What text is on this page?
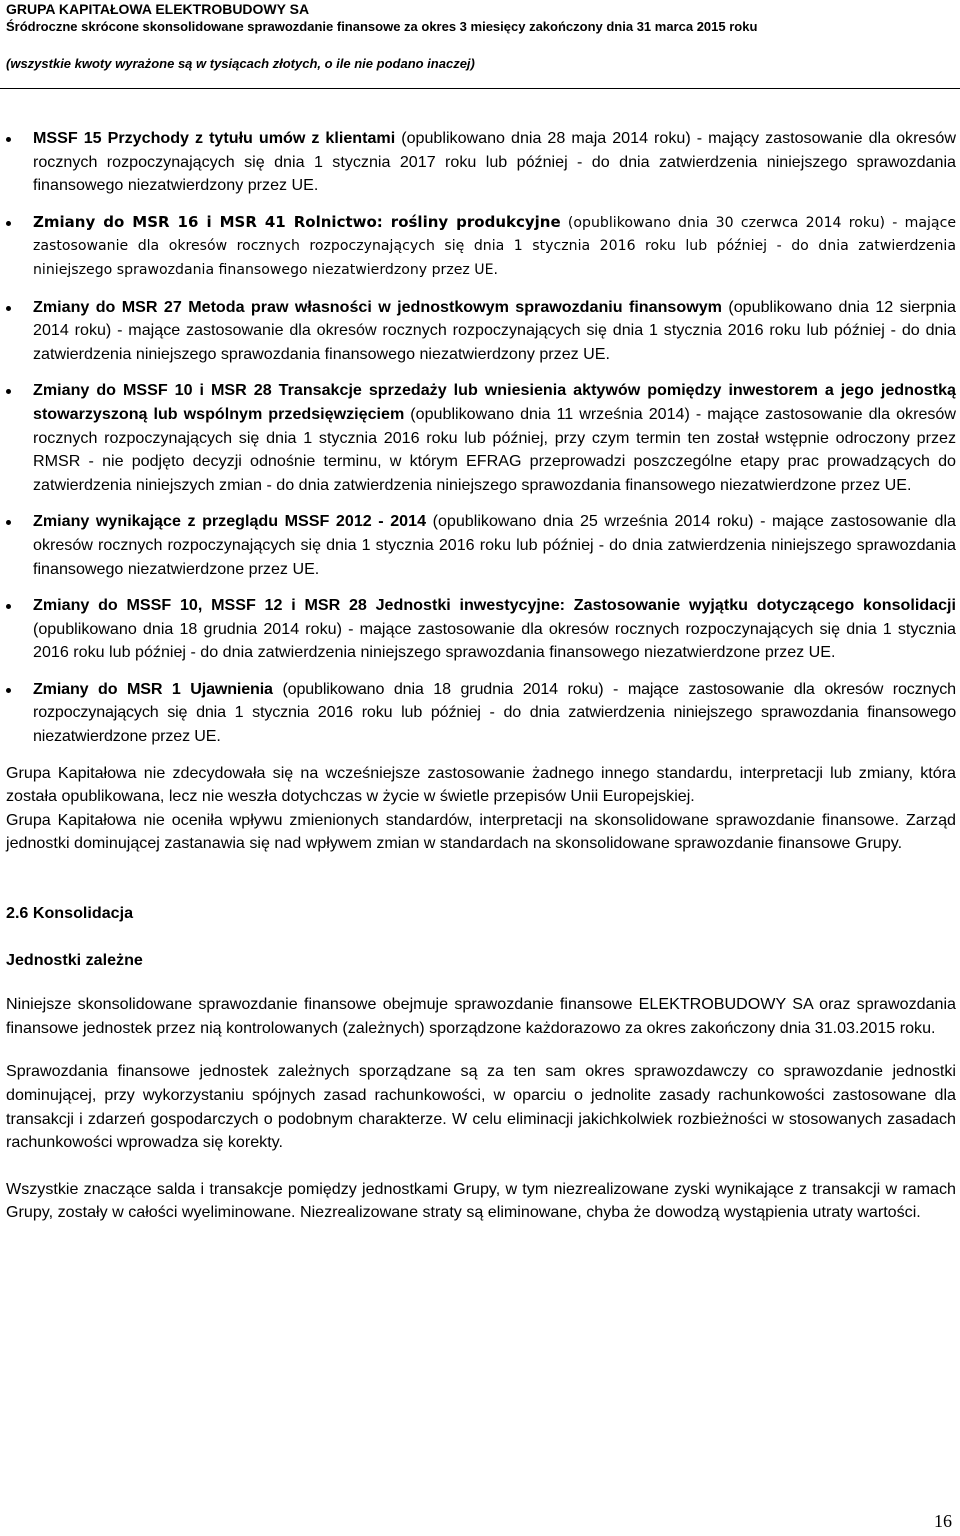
GRUPA KAPITAŁOWA ELEKTROBUDOWY SA
Śródroczne skrócone skonsolidowane sprawozdanie finansowe za okres 3 miesięcy zakończony dnia 31 marca 2015 roku
(wszystkie kwoty wyrażone są w tysiącach złotych, o ile nie podano inaczej)
MSSF 15 Przychody z tytułu umów z klientami (opublikowano dnia 28 maja 2014 roku) - mający zastosowanie dla okresów rocznych rozpoczynających się dnia 1 stycznia 2017 roku lub później - do dnia zatwierdzenia niniejszego sprawozdania finansowego niezatwierdzony przez UE.
Zmiany do MSR 16 i MSR 41 Rolnictwo: rośliny produkcyjne (opublikowano dnia 30 czerwca 2014 roku) - mające zastosowanie dla okresów rocznych rozpoczynających się dnia 1 stycznia 2016 roku lub później - do dnia zatwierdzenia niniejszego sprawozdania finansowego niezatwierdzony przez UE.
Zmiany do MSR 27 Metoda praw własności w jednostkowym sprawozdaniu finansowym (opublikowano dnia 12 sierpnia 2014 roku) - mające zastosowanie dla okresów rocznych rozpoczynających się dnia 1 stycznia 2016 roku lub później - do dnia zatwierdzenia niniejszego sprawozdania finansowego niezatwierdzony przez UE.
Zmiany do MSSF 10 i MSR 28 Transakcje sprzedaży lub wniesienia aktywów pomiędzy inwestorem a jego jednostką stowarzyszoną lub wspólnym przedsięwzięciem (opublikowano dnia 11 września 2014) - mające zastosowanie dla okresów rocznych rozpoczynających się dnia 1 stycznia 2016 roku lub później, przy czym termin ten został wstępnie odroczony przez RMSR - nie podjęto decyzji odnośnie terminu, w którym EFRAG przeprowadzi poszczególne etapy prac prowadzących do zatwierdzenia niniejszych zmian - do dnia zatwierdzenia niniejszego sprawozdania finansowego niezatwierdzone przez UE.
Zmiany wynikające z przeglądu MSSF 2012 - 2014 (opublikowano dnia 25 września 2014 roku) - mające zastosowanie dla okresów rocznych rozpoczynających się dnia 1 stycznia 2016 roku lub później - do dnia zatwierdzenia niniejszego sprawozdania finansowego niezatwierdzone przez UE.
Zmiany do MSSF 10, MSSF 12 i MSR 28 Jednostki inwestycyjne: Zastosowanie wyjątku dotyczącego konsolidacji (opublikowano dnia 18 grudnia 2014 roku) - mające zastosowanie dla okresów rocznych rozpoczynających się dnia 1 stycznia 2016 roku lub później - do dnia zatwierdzenia niniejszego sprawozdania finansowego niezatwierdzone przez UE.
Zmiany do MSR 1 Ujawnienia (opublikowano dnia 18 grudnia 2014 roku) - mające zastosowanie dla okresów rocznych rozpoczynających się dnia 1 stycznia 2016 roku lub później - do dnia zatwierdzenia niniejszego sprawozdania finansowego niezatwierdzone przez UE.

Grupa Kapitałowa nie zdecydowała się na wcześniejsze zastosowanie żadnego innego standardu, interpretacji lub zmiany, która została opublikowana, lecz nie weszła dotychczas w życie w świetle przepisów Unii Europejskiej.

Grupa Kapitałowa nie oceniła wpływu zmienionych standardów, interpretacji na skonsolidowane sprawozdanie finansowe. Zarząd jednostki dominującej zastanawia się nad wpływem zmian w standardach na skonsolidowane sprawozdanie finansowe Grupy.

2.6 Konsolidacja
Jednostki zależne

Niniejsze skonsolidowane sprawozdanie finansowe obejmuje sprawozdanie finansowe ELEKTROBUDOWY SA oraz sprawozdania finansowe jednostek przez nią kontrolowanych (zależnych) sporządzone każdorazowo za okres zakończony dnia 31.03.2015 roku.

Sprawozdania finansowe jednostek zależnych sporządzane są za ten sam okres sprawozdawczy co sprawozdanie jednostki dominującej, przy wykorzystaniu spójnych zasad rachunkowości, w oparciu o jednolite zasady rachunkowości zastosowane dla transakcji i zdarzeń gospodarczych o podobnym charakterze. W celu eliminacji jakichkolwiek rozbieżności w stosowanych zasadach rachunkowości wprowadza się korekty.

Wszystkie znaczące salda i transakcje pomiędzy jednostkami Grupy, w tym niezrealizowane zyski wynikające z transakcji w ramach Grupy, zostały w całości wyeliminowane. Niezrealizowane straty są eliminowane, chyba że dowodzą wystąpienia utraty wartości.

16
